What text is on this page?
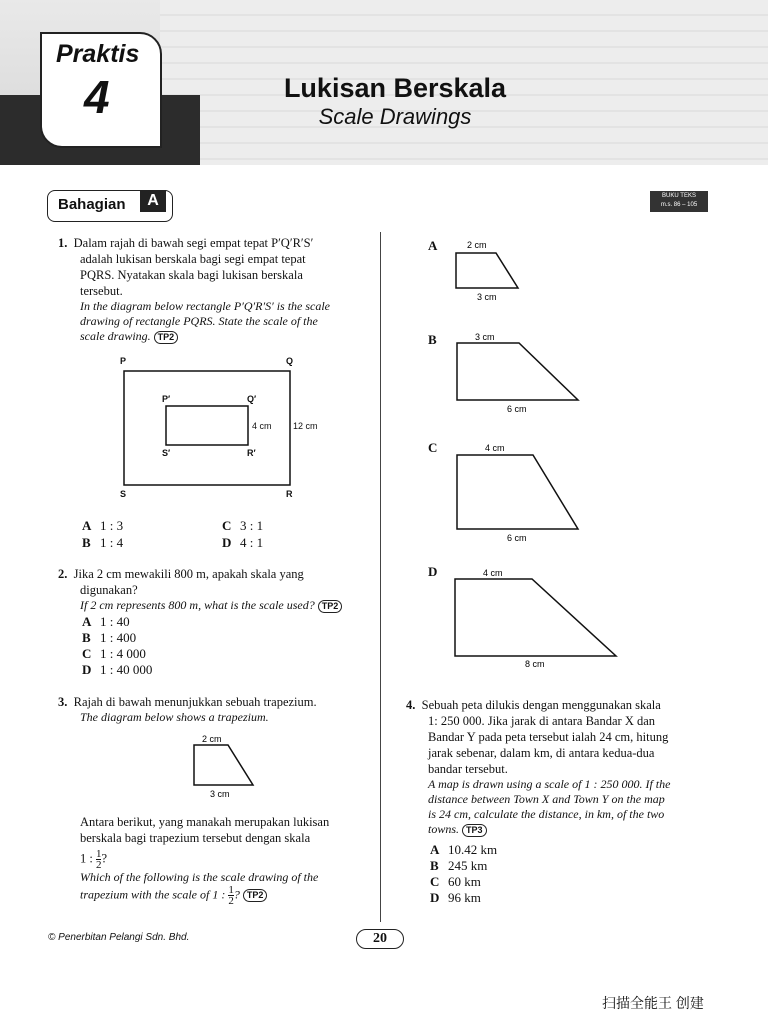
Praktis
4	Lukisan Berskala
Scale Drawings
Bahagian	A	BUKU TEKS
m.s. 86 – 105
1. Dalam rajah di bawah segi empat tepat P′Q′R′S′
adalah lukisan berskala bagi segi empat tepat
PQRS. Nyatakan skala bagi lukisan berskala
tersebut.
In the diagram below rectangle P′Q′R′S′ is the scale
drawing of rectangle PQRS. State the scale of the
scale drawing. TP2
P	Q
R
S
P′	Q′
R′
S′
4 cm 12 cm
A 1 : 3
B 1 : 4
C 3 : 1
D 4 : 1
2. Jika 2 cm mewakili 800 m, apakah skala yang
digunakan?
If 2 cm represents 800 m, what is the scale used? TP2
A 1 : 40
B 1 : 400
C 1 : 4 000
D 1 : 40 000
3. Rajah di bawah menunjukkan sebuah trapezium.
The diagram below shows a trapezium.
2 cm
3 cm
Antara berikut, yang manakah merupakan lukisan
berskala bagi trapezium tersebut dengan skala
1 : $\frac{1}{2}$ ?
Which of the following is the scale drawing of the
trapezium with the scale of 1 : $\frac{1}{2}$ ? TP2
A	2 cm
3 cm
B	3 cm
6 cm
C	4 cm
6 cm
D	4 cm
8 cm
4. Sebuah peta dilukis dengan menggunakan skala
1: 250 000. Jika jarak di antara Bandar X dan
Bandar Y pada peta tersebut ialah 24 cm, hitung
jarak sebenar, dalam km, di antara kedua-dua
bandar tersebut.
A map is drawn using a scale of 1 : 250 000. If the
distance between Town X and Town Y on the map
is 24 cm, calculate the distance, in km, of the two
towns. TP3
A 10.42 km
B 245 km
C 60 km
D 96 km
© Penerbitan Pelangi Sdn. Bhd.	20
扫描全能王 创建
